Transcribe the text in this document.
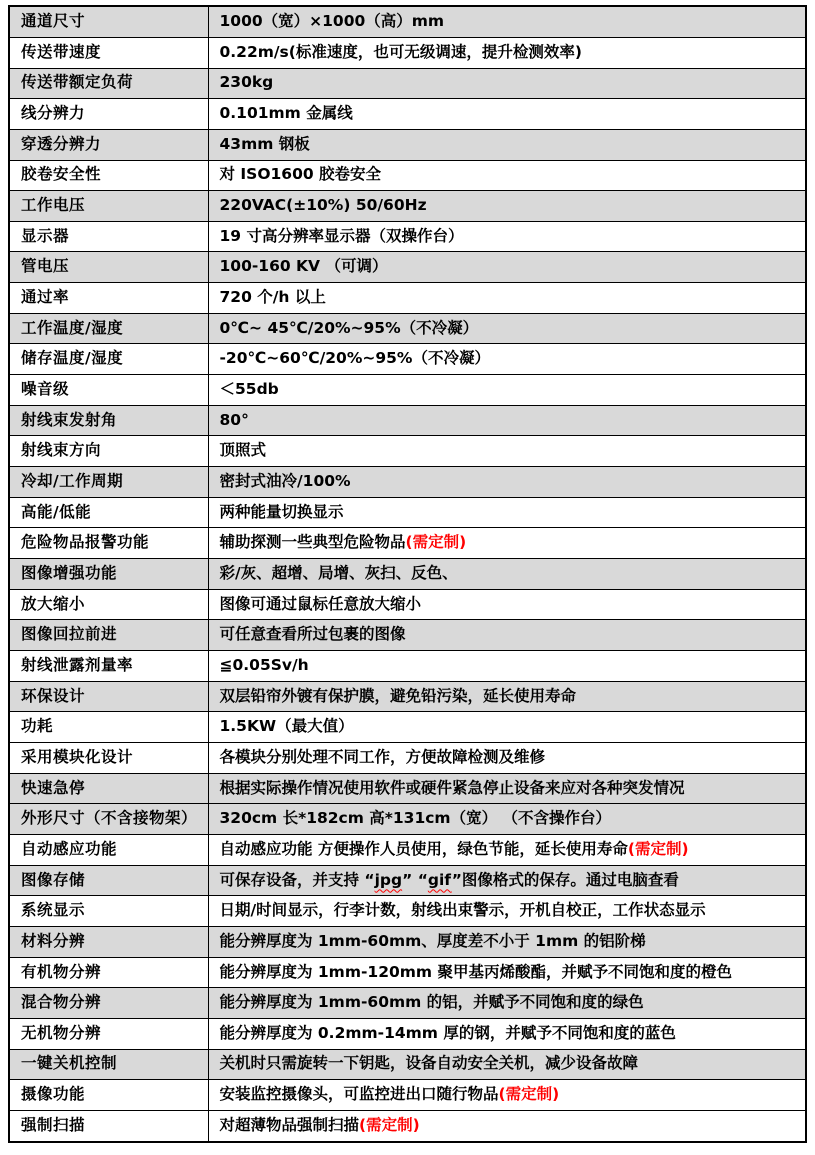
通道尺寸	1000（宽）×1000（高）mm
传送带速度	0.22m/s(标准速度，也可无级调速，提升检测效率)
传送带额定负荷	230kg
线分辨力	0.101mm 金属线
穿透分辨力	43mm 钢板
胶卷安全性	对 ISO1600 胶卷安全
工作电压	220VAC(±10%) 50/60Hz
显示器	19 寸高分辨率显示器（双操作台）
管电压	100-160 KV （可调）
通过率	720 个/h 以上
工作温度/湿度	0℃~ 45℃/20%~95%（不冷凝）
储存温度/湿度	-20℃~60℃/20%~95%（不冷凝）
噪音级	＜55db
射线束发射角	80°
射线束方向	顶照式
冷却/工作周期	密封式油冷/100%
高能/低能	两种能量切换显示
危险物品报警功能	辅助探测一些典型危险物品(需定制)
图像增强功能	彩/灰、超增、局增、灰扫、反色、
放大缩小	图像可通过鼠标任意放大缩小
图像回拉前进	可任意查看所过包裹的图像
射线泄露剂量率	≦0.05Sv/h
环保设计	双层铅帘外镀有保护膜，避免铅污染，延长使用寿命
功耗	1.5KW（最大值）
采用模块化设计	各模块分别处理不同工作，方便故障检测及维修
快速急停	根据实际操作情况使用软件或硬件紧急停止设备来应对各种突发情况
外形尺寸（不含接物架）	320cm 长*182cm 高*131cm（宽） （不含操作台）
自动感应功能	自动感应功能 方便操作人员使用，绿色节能，延长使用寿命(需定制)
图像存储	可保存设备，并支持 “jpg” “gif”图像格式的保存。通过电脑查看
系统显示	日期/时间显示，行李计数，射线出束警示，开机自校正，工作状态显示
材料分辨	能分辨厚度为 1mm-60mm、厚度差不小于 1mm 的铝阶梯
有机物分辨	能分辨厚度为 1mm-120mm 聚甲基丙烯酸酯，并赋予不同饱和度的橙色
混合物分辨	能分辨厚度为 1mm-60mm 的铝，并赋予不同饱和度的绿色
无机物分辨	能分辨厚度为 0.2mm-14mm 厚的钢，并赋予不同饱和度的蓝色
一键关机控制	关机时只需旋转一下钥匙，设备自动安全关机，减少设备故障
摄像功能	安装监控摄像头，可监控进出口随行物品(需定制)
强制扫描	对超薄物品强制扫描(需定制)
